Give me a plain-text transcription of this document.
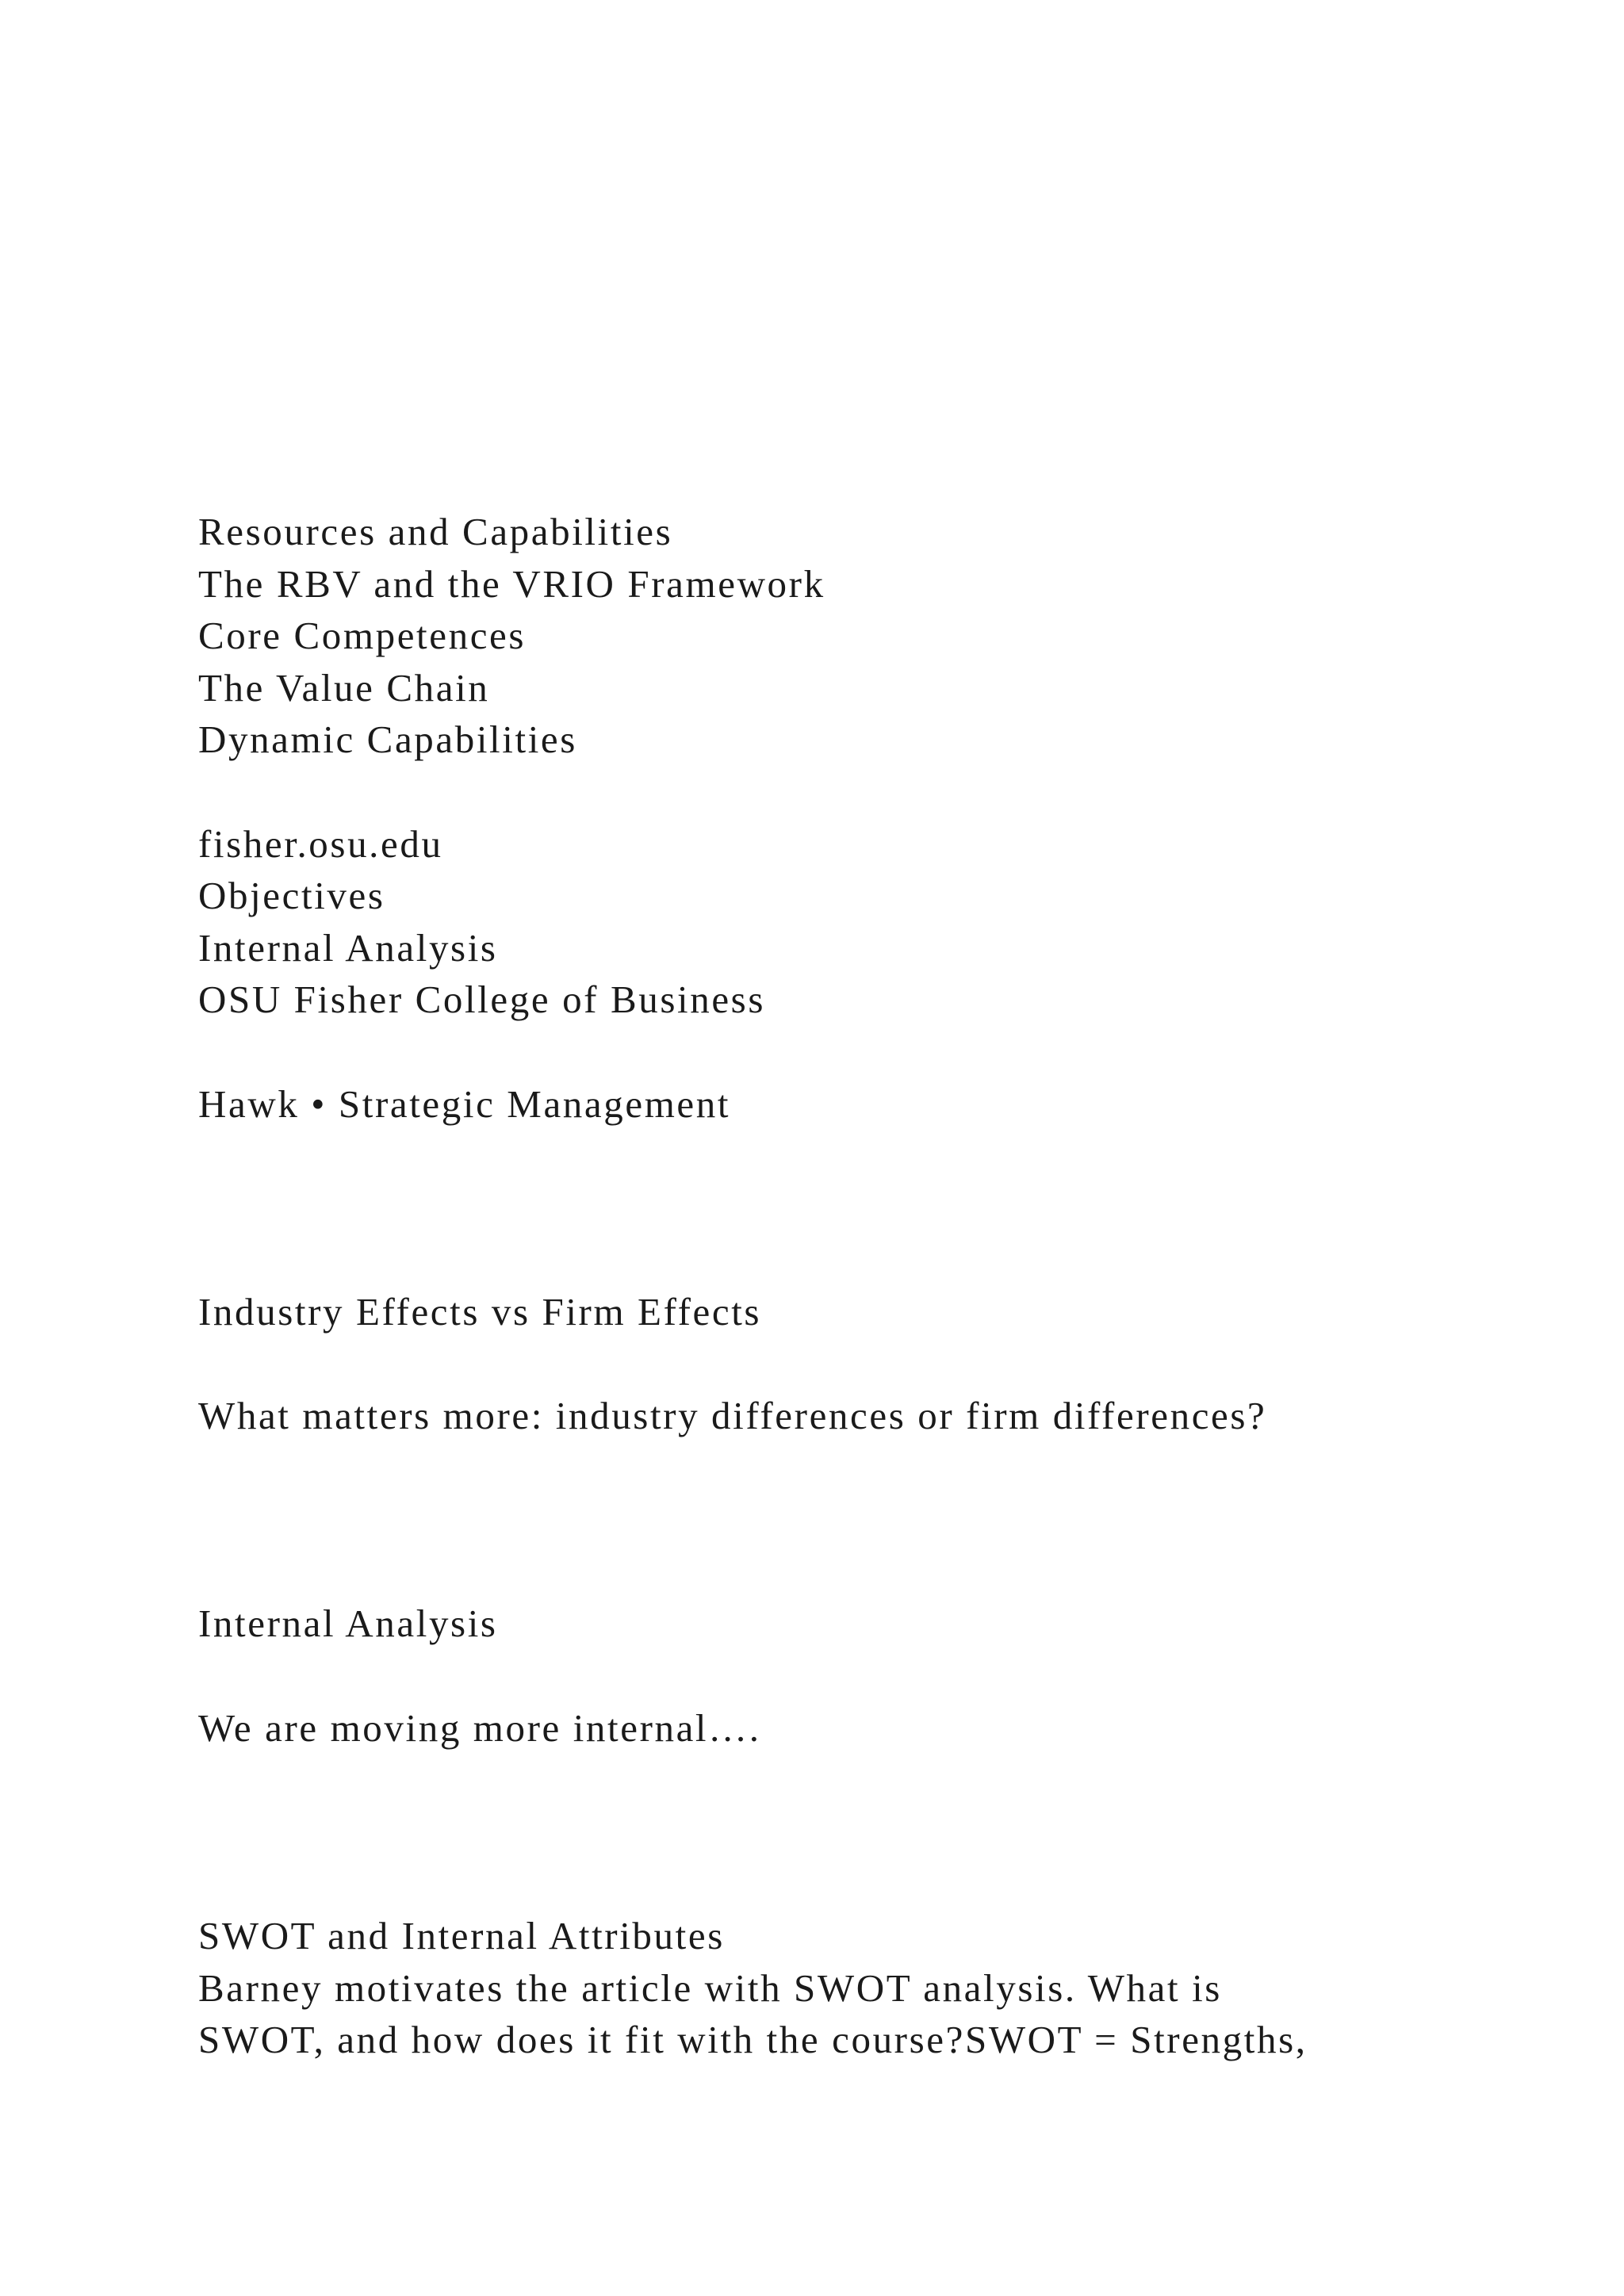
Resources and Capabilities
The RBV and the VRIO Framework
Core Competences
The Value Chain
Dynamic Capabilities
fisher.osu.edu
Objectives
Internal Analysis
OSU Fisher College of Business
Hawk • Strategic Management
Industry Effects vs Firm Effects
What matters more: industry differences or firm differences?
Internal Analysis
We are moving more internal….
SWOT and Internal Attributes
Barney motivates the article with SWOT analysis. What is
SWOT, and how does it fit with the course?SWOT = Strengths,
